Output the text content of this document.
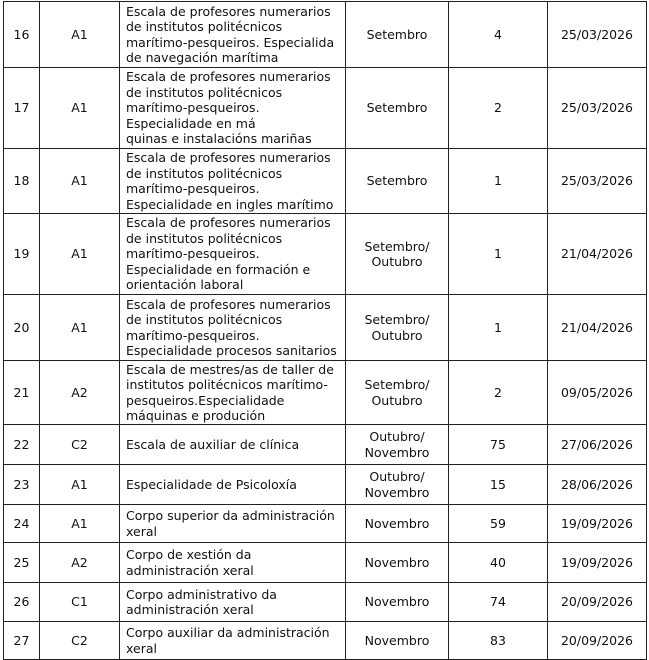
16	A1	Escala de profesores numerarios
de institutos politécnicos
marítimo-pesqueiros. Especialida
de navegación marítima	Setembro	4	25/03/2026
17	A1	Escala de profesores numerarios
de institutos politécnicos
marítimo-pesqueiros.
Especialidade en má
quinas e instalacións mariñas	Setembro	2	25/03/2026
18	A1	Escala de profesores numerarios
de institutos politécnicos
marítimo-pesqueiros.
Especialidade en ingles marítimo	Setembro	1	25/03/2026
19	A1	Escala de profesores numerarios
de institutos politécnicos
marítimo-pesqueiros.
Especialidade en formación e
orientación laboral	Setembro/
Outubro	1	21/04/2026
20	A1	Escala de profesores numerarios
de institutos politécnicos
marítimo-pesqueiros.
Especialidade procesos sanitarios	Setembro/
Outubro	1	21/04/2026
21	A2	Escala de mestres/as de taller de
institutos politécnicos marítimo-
pesqueiros.Especialidade
máquinas e produción	Setembro/
Outubro	2	09/05/2026
22	C2	Escala de auxiliar de clínica	Outubro/
Novembro	75	27/06/2026
23	A1	Especialidade de Psicoloxía	Outubro/
Novembro	15	28/06/2026
24	A1	Corpo superior da administración
xeral	Novembro	59	19/09/2026
25	A2	Corpo de xestión da
administración xeral	Novembro	40	19/09/2026
26	C1	Corpo administrativo da
administración xeral	Novembro	74	20/09/2026
27	C2	Corpo auxiliar da administración
xeral	Novembro	83	20/09/2026
